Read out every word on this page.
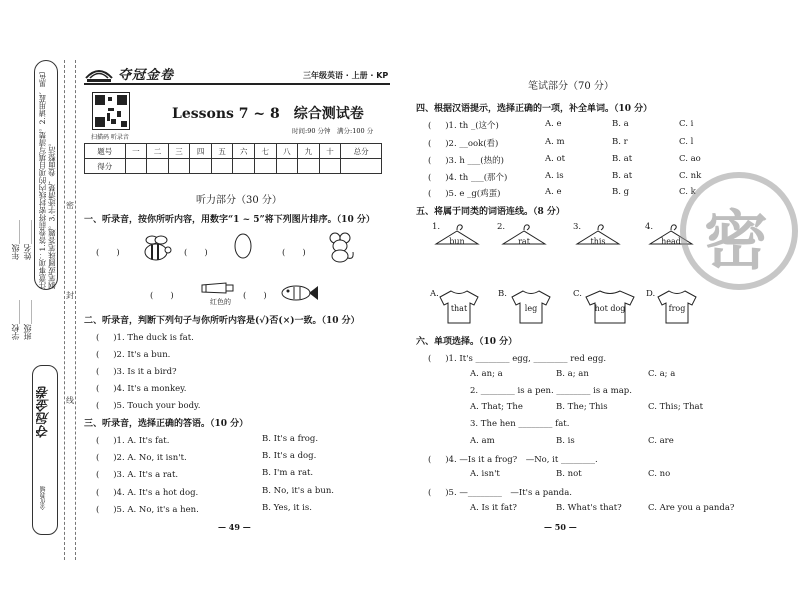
注意事项：1.答卷前将密封线内的项目填写清楚。2.请用蓝、黑色钢笔或圆珠笔答题。3.字迹清楚，卷面整洁。
学校______
年级______
班级______
姓名______
密
封
线
夺冠金卷
金优教辅
夺冠金卷	三年级英语 · 上册 · KP
扫描码 听录音
Lessons 7 ~ 8　综合测试卷
时间:90 分钟　 满分:100 分
题号	一	二	三	四	五	六	七	八	九	十	总分
得分											
听力部分（30 分）
一、听录音，按你所听内容，用数字“1 ~ 5”将下列图片排序。（10 分）
(　　)	(　　)	(　　)
(　　)
红色的
(　　)
二、听录音，判断下列句子与你所听内容是(√)否(×)一致。（10 分）
( 　 )1. The duck is fat.
( 　 )2. It's a bun.
( 　 )3. Is it a bird?
( 　 )4. It's a monkey.
( 　 )5. Touch your body.
三、听录音，选择正确的答语。（10 分）
( 　 )1. A. It's fat.	B. It's a frog.
( 　 )2. A. No, it isn't.	B. It's a dog.
( 　 )3. A. It's a rat.	B. I'm a rat.
( 　 )4. A. It's a hot dog.	B. No, it's a bun.
( 　 )5. A. No, it's a hen.	B. Yes, it is.
— 49 —
笔试部分（70 分）
四、根据汉语提示，选择正确的一项，补全单词。（10 分）
( 　 )1. th _(这个)	A. e	B. a	C. i
( 　 )2. __ook(看)	A. m	B. r	C. l
( 　 )3. h ___(热的)	A. ot	B. at	C. ao
( 　 )4. th ___(那个)	A. is	B. at	C. nk
( 　 )5. e _g(鸡蛋)	A. e	B. g	C. k
五、将属于同类的词语连线。（8 分）
1.
bun
2.
rat
3.
this
4.
head
A.
that
B.
leg
C.
hot dog
D.
frog
六、单项选择。（10 分）
( 　 )1. It's ________ egg, ________ red egg.
A. an; a	B. a; an	C. a; a
2. ________ is a pen. ________ is a map.
A. That; The	B. The; This	C. This; That
3. The hen ________ fat.
A. am	B. is	C. are
( 　 )4. —Is it a frog?　—No, it ________.
A. isn't	B. not	C. no
( 　 )5. —________　—It's a panda.
A. Is it fat?	B. What's that?	C. Are you a panda?
— 50 —
密
